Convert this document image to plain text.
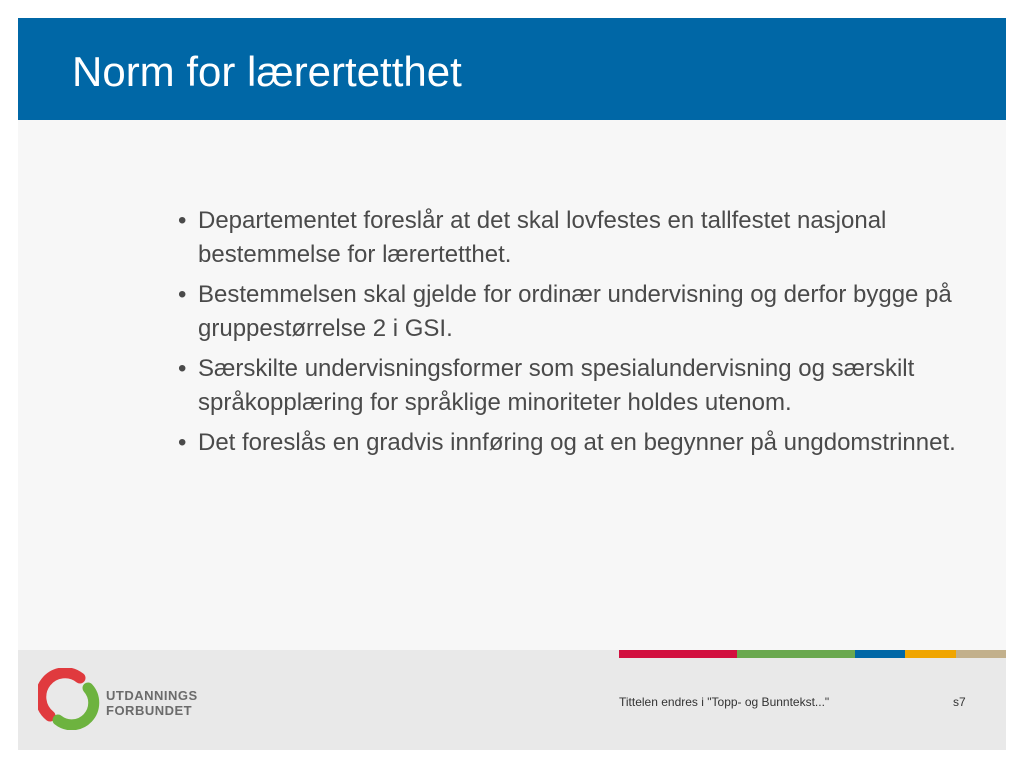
Norm for lærertetthet
• Departementet foreslår at det skal lovfestes en tallfestet nasjonal bestemmelse for lærertetthet.
• Bestemmelsen skal gjelde for ordinær undervisning og derfor bygge på gruppestørrelse 2 i GSI.
• Særskilte undervisningsformer som spesialundervisning og særskilt språkopplæring for språklige minoriteter holdes utenom.
• Det foreslås en gradvis innføring og at en begynner på ungdomstrinnet.
UTDANNINGS
FORBUNDET
Tittelen endres i "Topp- og Bunntekst..."	s7
